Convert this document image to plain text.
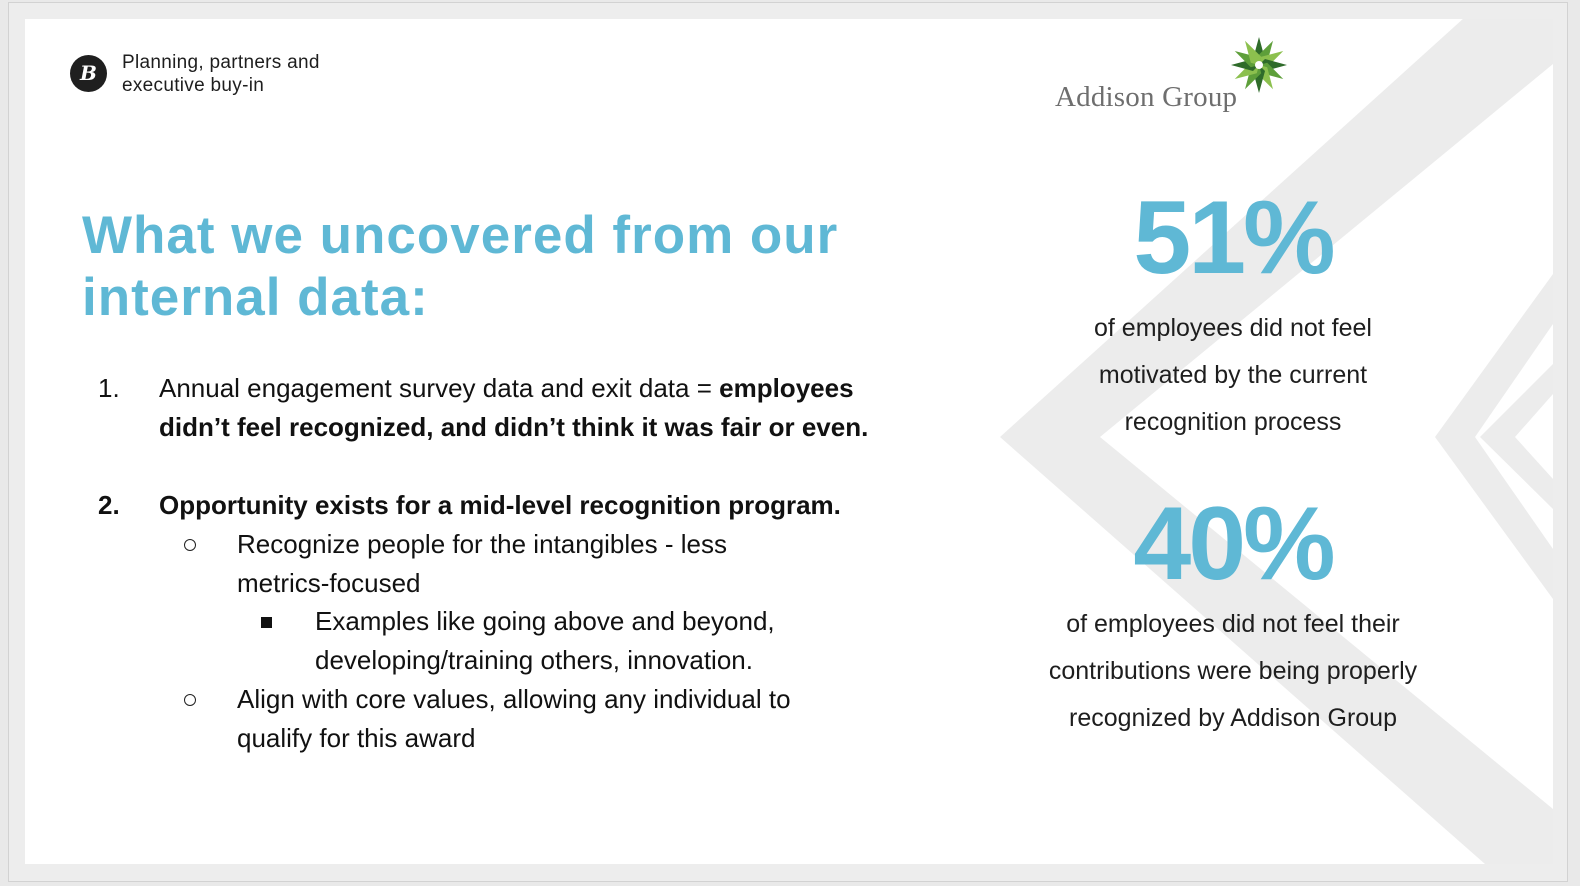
B	Planning, partners and
executive buy-in	Addison Group
What we uncovered from our
internal data:
1. Annual engagement survey data and exit data = employees
didn’t feel recognized, and didn’t think it was fair or even.
2. Opportunity exists for a mid-level recognition program.
Recognize people for the intangibles - less
metrics-focused
Examples like going above and beyond,
developing/training others, innovation.
Align with core values, allowing any individual to
qualify for this award
51%
of employees did not feel
motivated by the current
recognition process
40%
of employees did not feel their
contributions were being properly
recognized by Addison Group
